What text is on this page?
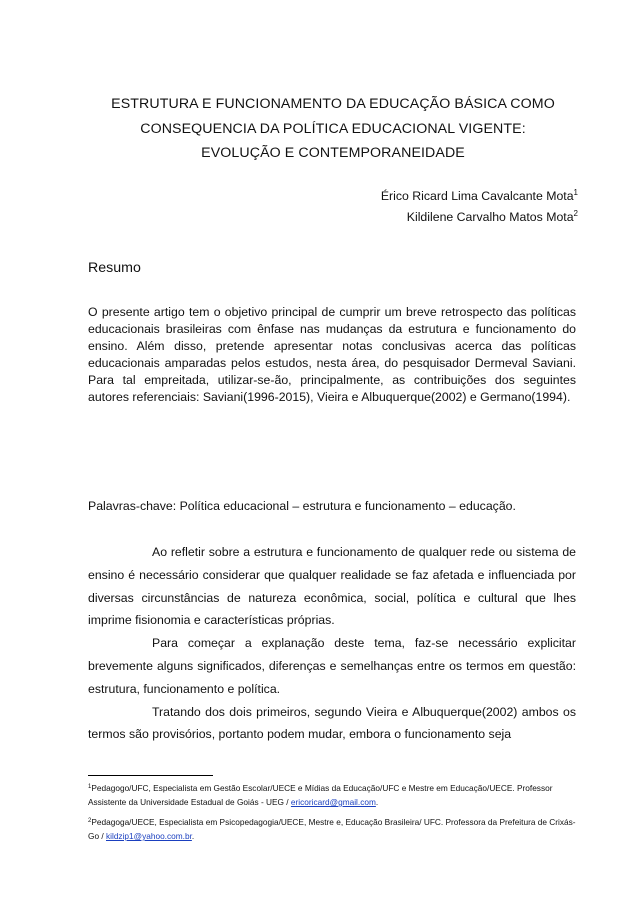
ESTRUTURA E FUNCIONAMENTO DA EDUCAÇÃO BÁSICA COMO
CONSEQUENCIA DA POLÍTICA EDUCACIONAL VIGENTE:
EVOLUÇÃO E CONTEMPORANEIDADE
Érico Ricard Lima Cavalcante Mota$^1$
Kildilene Carvalho Matos Mota$^2$
Resumo
O presente artigo tem o objetivo principal de cumprir um breve retrospecto das políticas educacionais brasileiras com ênfase nas mudanças da estrutura e funcionamento do ensino. Além disso, pretende apresentar notas conclusivas acerca das políticas educacionais amparadas pelos estudos, nesta área, do pesquisador Dermeval Saviani. Para tal empreitada, utilizar-se-ão, principalmente, as contribuições dos seguintes autores referenciais: Saviani(1996-2015), Vieira e Albuquerque(2002) e Germano(1994).
Palavras-chave: Política educacional – estrutura e funcionamento – educação.

Ao refletir sobre a estrutura e funcionamento de qualquer rede ou sistema de ensino é necessário considerar que qualquer realidade se faz afetada e influenciada por diversas circunstâncias de natureza econômica, social, política e cultural que lhes imprime fisionomia e características próprias.

Para começar a explanação deste tema, faz-se necessário explicitar brevemente alguns significados, diferenças e semelhanças entre os termos em questão: estrutura, funcionamento e política.

Tratando dos dois primeiros, segundo Vieira e Albuquerque(2002) ambos os termos são provisórios, portanto podem mudar, embora o funcionamento seja

$^1$Pedagogo/UFC, Especialista em Gestão Escolar/UECE e Mídias da Educação/UFC e Mestre em Educação/UECE. Professor Assistente da Universidade Estadual de Goiás - UEG / ericoricard@gmail.com.

$^2$Pedagoga/UECE, Especialista em Psicopedagogia/UECE, Mestre e, Educação Brasileira/ UFC. Professora da Prefeitura de Crixás-Go / kildzip1@yahoo.com.br.
